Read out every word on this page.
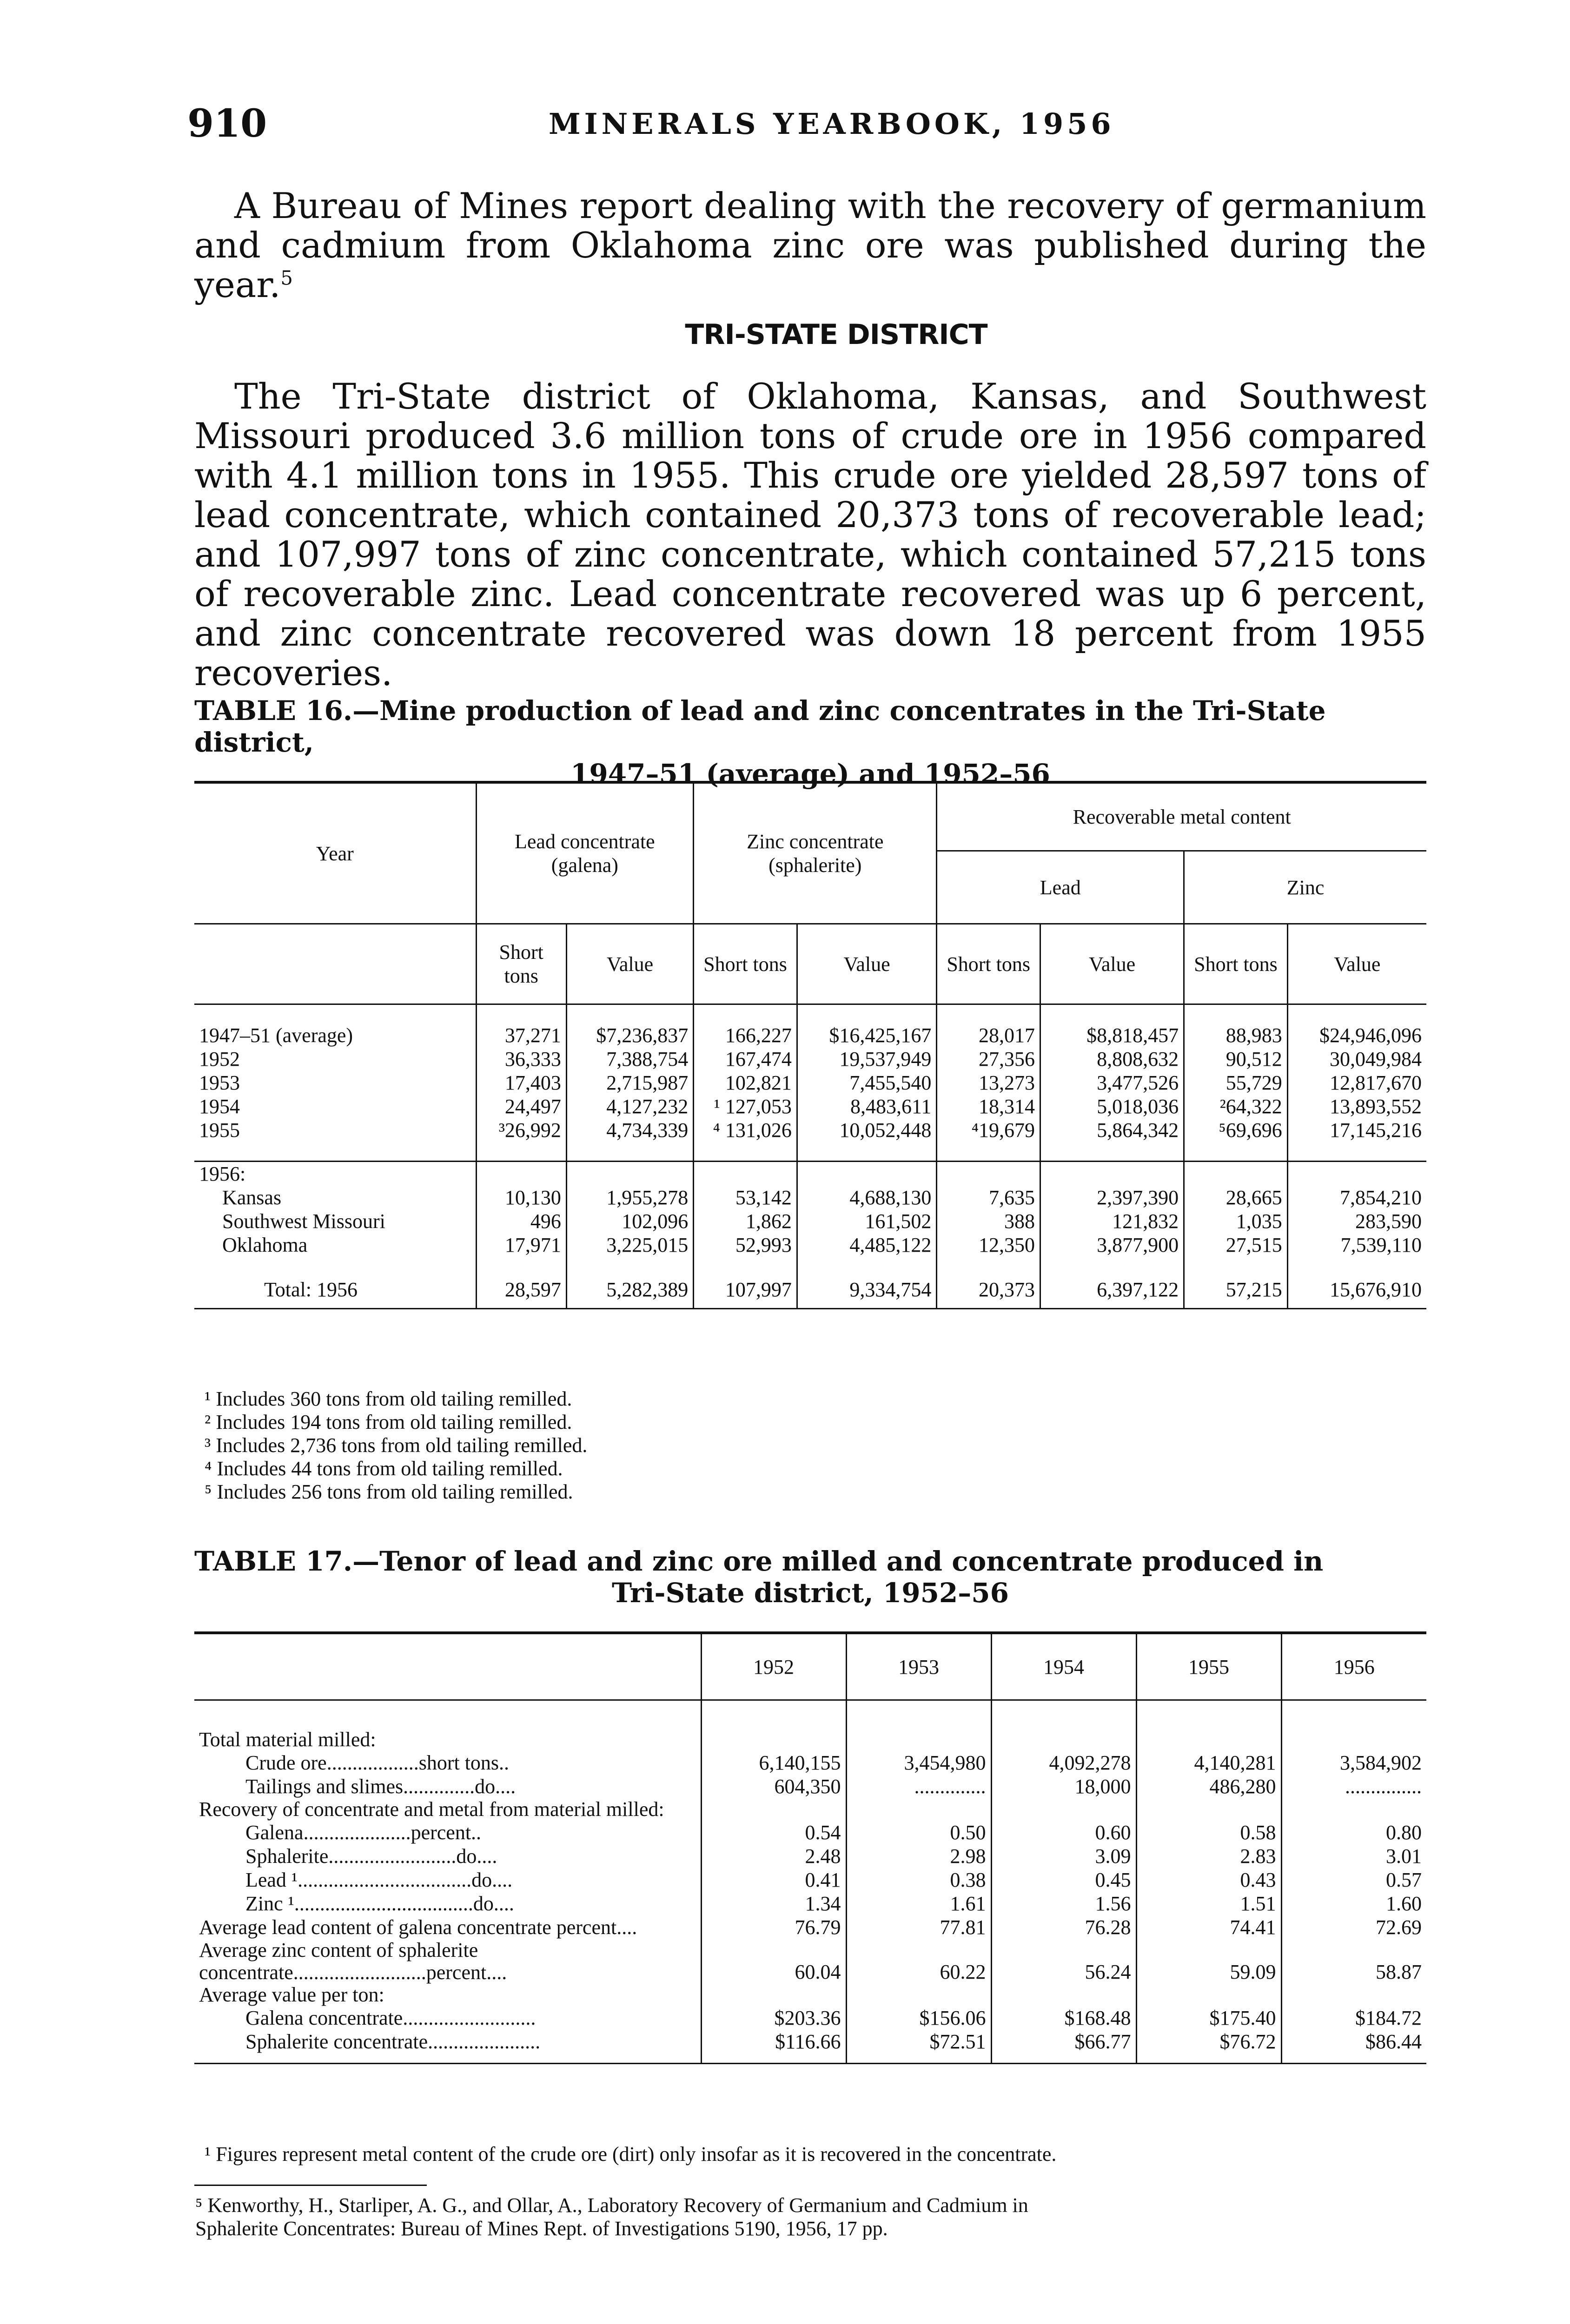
910	MINERALS YEARBOOK, 1956
A Bureau of Mines report dealing with the recovery of germanium and cadmium from Oklahoma zinc ore was published during the year.$^5$
TRI-STATE DISTRICT
The Tri-State district of Oklahoma, Kansas, and Southwest Missouri produced 3.6 million tons of crude ore in 1956 compared with 4.1 million tons in 1955. This crude ore yielded 28,597 tons of lead concentrate, which contained 20,373 tons of recoverable lead; and 107,997 tons of zinc concentrate, which contained 57,215 tons of recoverable zinc. Lead concentrate recovered was up 6 percent, and zinc concentrate recovered was down 18 percent from 1955 recoveries.
TABLE 16.—Mine production of lead and zinc concentrates in the Tri-State district,
1947–51 (average) and 1952–56
Year	Lead concentrate (galena)		Zinc concentrate (sphalerite)		Recoverable metal content			
					Lead		Zinc	
	Short tons	Value	Short tons	Value	Short tons	Value	Short tons	Value

1947–51 (average)	37,271	$7,236,837	166,227	$16,425,167	28,017	$8,818,457	88,983	$24,946,096
1952	36,333	7,388,754	167,474	19,537,949	27,356	8,808,632	90,512	30,049,984
1953	17,403	2,715,987	102,821	7,455,540	13,273	3,477,526	55,729	12,817,670
1954	24,497	4,127,232	¹ 127,053	8,483,611	18,314	5,018,036	²64,322	13,893,552
1955	³26,992	4,734,339	⁴ 131,026	10,052,448	⁴19,679	5,864,342	⁵69,696	17,145,216

1956:								
Kansas	10,130	1,955,278	53,142	4,688,130	7,635	2,397,390	28,665	7,854,210
Southwest Missouri	496	102,096	1,862	161,502	388	121,832	1,035	283,590
Oklahoma	17,971	3,225,015	52,993	4,485,122	12,350	3,877,900	27,515	7,539,110

Total: 1956	28,597	5,282,389	107,997	9,334,754	20,373	6,397,122	57,215	15,676,910
¹ Includes 360 tons from old tailing remilled.
² Includes 194 tons from old tailing remilled.
³ Includes 2,736 tons from old tailing remilled.
⁴ Includes 44 tons from old tailing remilled.
⁵ Includes 256 tons from old tailing remilled.
TABLE 17.—Tenor of lead and zinc ore milled and concentrate produced in
Tri-State district, 1952–56
	1952	1953	1954	1955	1956

Total material milled:					
Crude ore..................short tons..	6,140,155	3,454,980	4,092,278	4,140,281	3,584,902
Tailings and slimes..............do....	604,350	..............	18,000	486,280	...............
Recovery of concentrate and metal from material milled:					
Galena.....................percent..	0.54	0.50	0.60	0.58	0.80
Sphalerite.........................do....	2.48	2.98	3.09	2.83	3.01
Lead ¹..................................do....	0.41	0.38	0.45	0.43	0.57
Zinc ¹...................................do....	1.34	1.61	1.56	1.51	1.60
Average lead content of galena concentrate percent....	76.79	77.81	76.28	74.41	72.69
Average zinc content of sphalerite concentrate..........................percent....	60.04	60.22	56.24	59.09	58.87
Average value per ton:					
Galena concentrate..........................	$203.36	$156.06	$168.48	$175.40	$184.72
Sphalerite concentrate......................	$116.66	$72.51	$66.77	$76.72	$86.44

¹ Figures represent metal content of the crude ore (dirt) only insofar as it is recovered in the concentrate.
⁵ Kenworthy, H., Starliper, A. G., and Ollar, A., Laboratory Recovery of Germanium and Cadmium in
Sphalerite Concentrates: Bureau of Mines Rept. of Investigations 5190, 1956, 17 pp.
